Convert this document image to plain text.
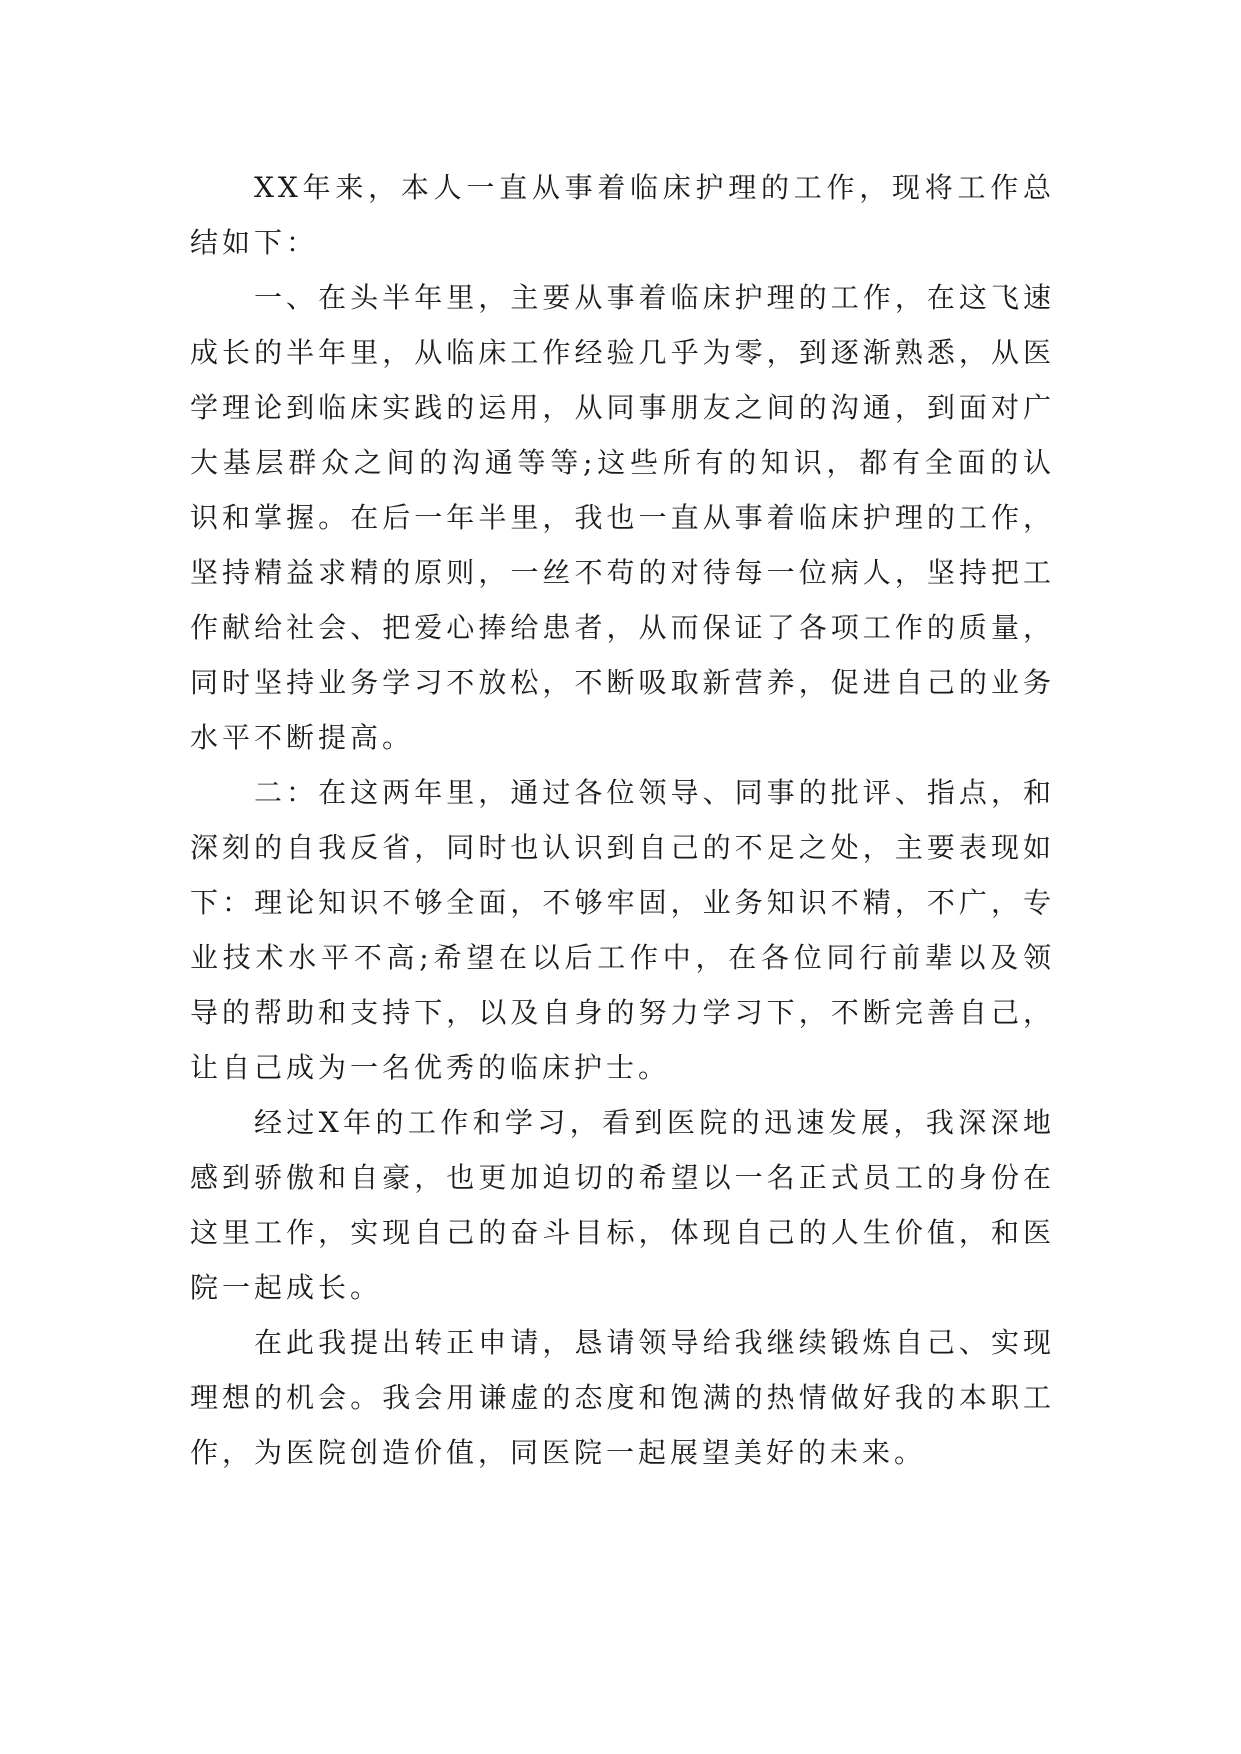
XX年来，本人一直从事着临床护理的工作，现将工作总结如下：

一、在头半年里，主要从事着临床护理的工作，在这飞速成长的半年里，从临床工作经验几乎为零，到逐渐熟悉，从医学理论到临床实践的运用，从同事朋友之间的沟通，到面对广大基层群众之间的沟通等等;这些所有的知识，都有全面的认识和掌握。在后一年半里，我也一直从事着临床护理的工作，坚持精益求精的原则，一丝不苟的对待每一位病人，坚持把工作献给社会、把爱心捧给患者，从而保证了各项工作的质量，同时坚持业务学习不放松，不断吸取新营养，促进自己的业务水平不断提高。

二：在这两年里，通过各位领导、同事的批评、指点，和深刻的自我反省，同时也认识到自己的不足之处，主要表现如下：理论知识不够全面，不够牢固，业务知识不精，不广，专业技术水平不高;希望在以后工作中，在各位同行前辈以及领导的帮助和支持下，以及自身的努力学习下，不断完善自己，让自己成为一名优秀的临床护士。

经过X年的工作和学习，看到医院的迅速发展，我深深地感到骄傲和自豪，也更加迫切的希望以一名正式员工的身份在这里工作，实现自己的奋斗目标，体现自己的人生价值，和医院一起成长。

在此我提出转正申请，恳请领导给我继续锻炼自己、实现理想的机会。我会用谦虚的态度和饱满的热情做好我的本职工作，为医院创造价值，同医院一起展望美好的未来。
